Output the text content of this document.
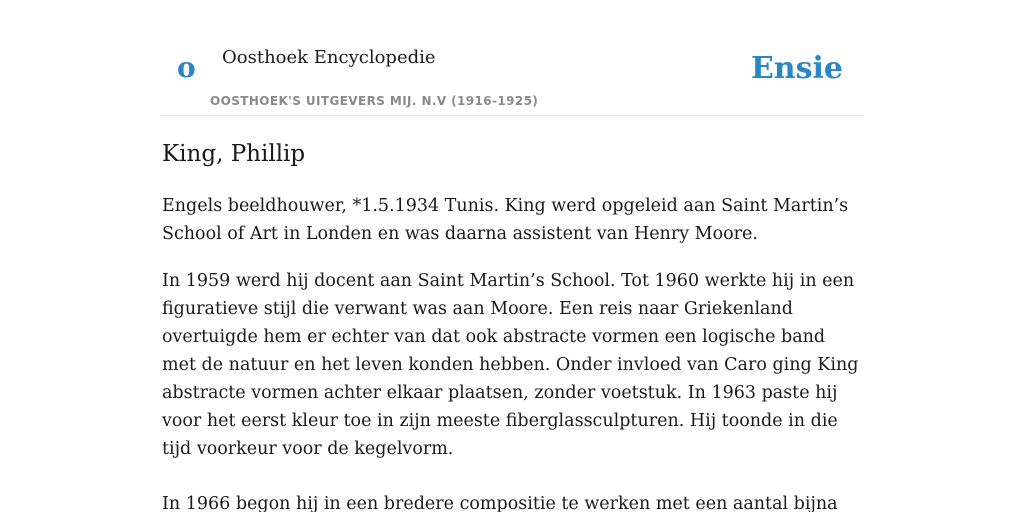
o Oosthoek Encyclopedie
OOSTHOEK'S UITGEVERS MIJ. N.V (1916-1925)
Ensie
King, Phillip

Engels beeldhouwer, *1.5.1934 Tunis. King werd opgeleid aan Saint Martin’s School of Art in Londen en was daarna assistent van Henry Moore.

In 1959 werd hij docent aan Saint Martin’s School. Tot 1960 werkte hij in een figuratieve stijl die verwant was aan Moore. Een reis naar Griekenland overtuigde hem er echter van dat ook abstracte vormen een logische band met de natuur en het leven konden hebben. Onder invloed van Caro ging King abstracte vormen achter elkaar plaatsen, zonder voetstuk. In 1963 paste hij voor het eerst kleur toe in zijn meeste fiberglassculpturen. Hij toonde in die tijd voorkeur voor de kegelvorm.

In 1966 begon hij in een bredere compositie te werken met een aantal bijna
